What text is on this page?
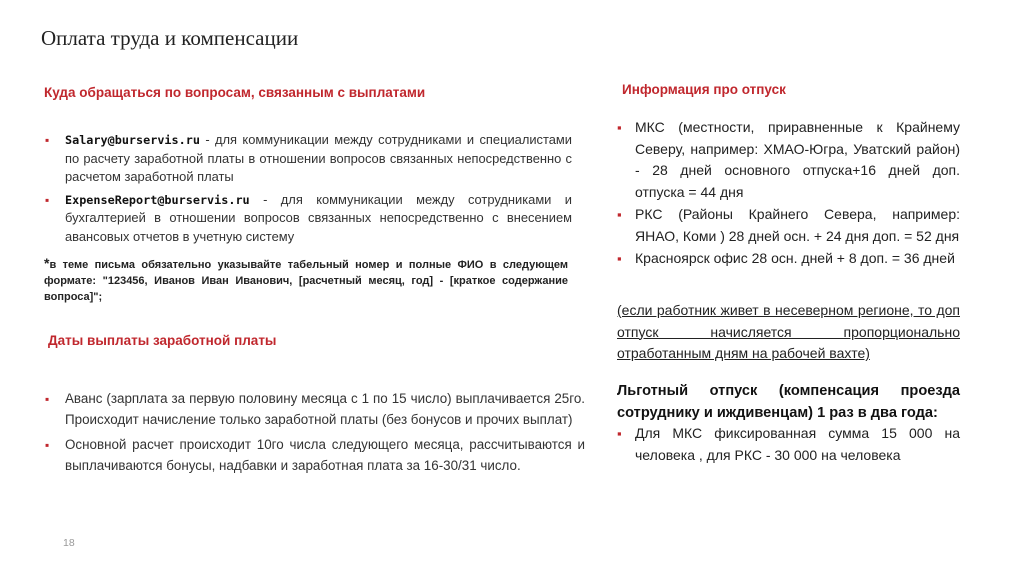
Оплата труда и компенсации
Куда обращаться по вопросам, связанным с выплатами
▪ Salary@burservis.ru - для коммуникации между сотрудниками и специалистами по расчету заработной платы в отношении вопросов связанных непосредственно с расчетом заработной платы
▪ ExpenseReport@burservis.ru - для коммуникации между сотрудниками и бухгалтерией в отношении вопросов связанных непосредственно с внесением авансовых отчетов в учетную систему

*в теме письма обязательно указывайте табельный номер и полные ФИО в следующем формате: "123456, Иванов Иван Иванович, [расчетный месяц, год] - [краткое содержание вопроса]";

Даты выплаты заработной платы
▪ Аванс (зарплата за первую половину месяца с 1 по 15 число) выплачивается 25го. Происходит начисление только заработной платы (без бонусов и прочих выплат)
▪ Основной расчет происходит 10го числа следующего месяца, рассчитываются и выплачиваются бонусы, надбавки и заработная плата за 16-30/31 число.
Информация про отпуск
▪ МКС (местности, приравненные к Крайнему Северу, например: ХМАО-Югра, Уватский район) - 28 дней основного отпуска+16 дней доп. отпуска = 44 дня
▪ РКС (Районы Крайнего Севера, например: ЯНАО, Коми ) 28 дней осн. + 24 дня доп. = 52 дня
▪ Красноярск офис 28 осн. дней + 8 доп. = 36 дней

(если работник живет в несеверном регионе, то доп отпуск начисляется пропорционально отработанным дням на рабочей вахте)

Льготный отпуск (компенсация проезда сотруднику и иждивенцам) 1 раз в два года:

▪ Для МКС фиксированная сумма 15 000 на человека , для РКС - 30 000 на человека
18
